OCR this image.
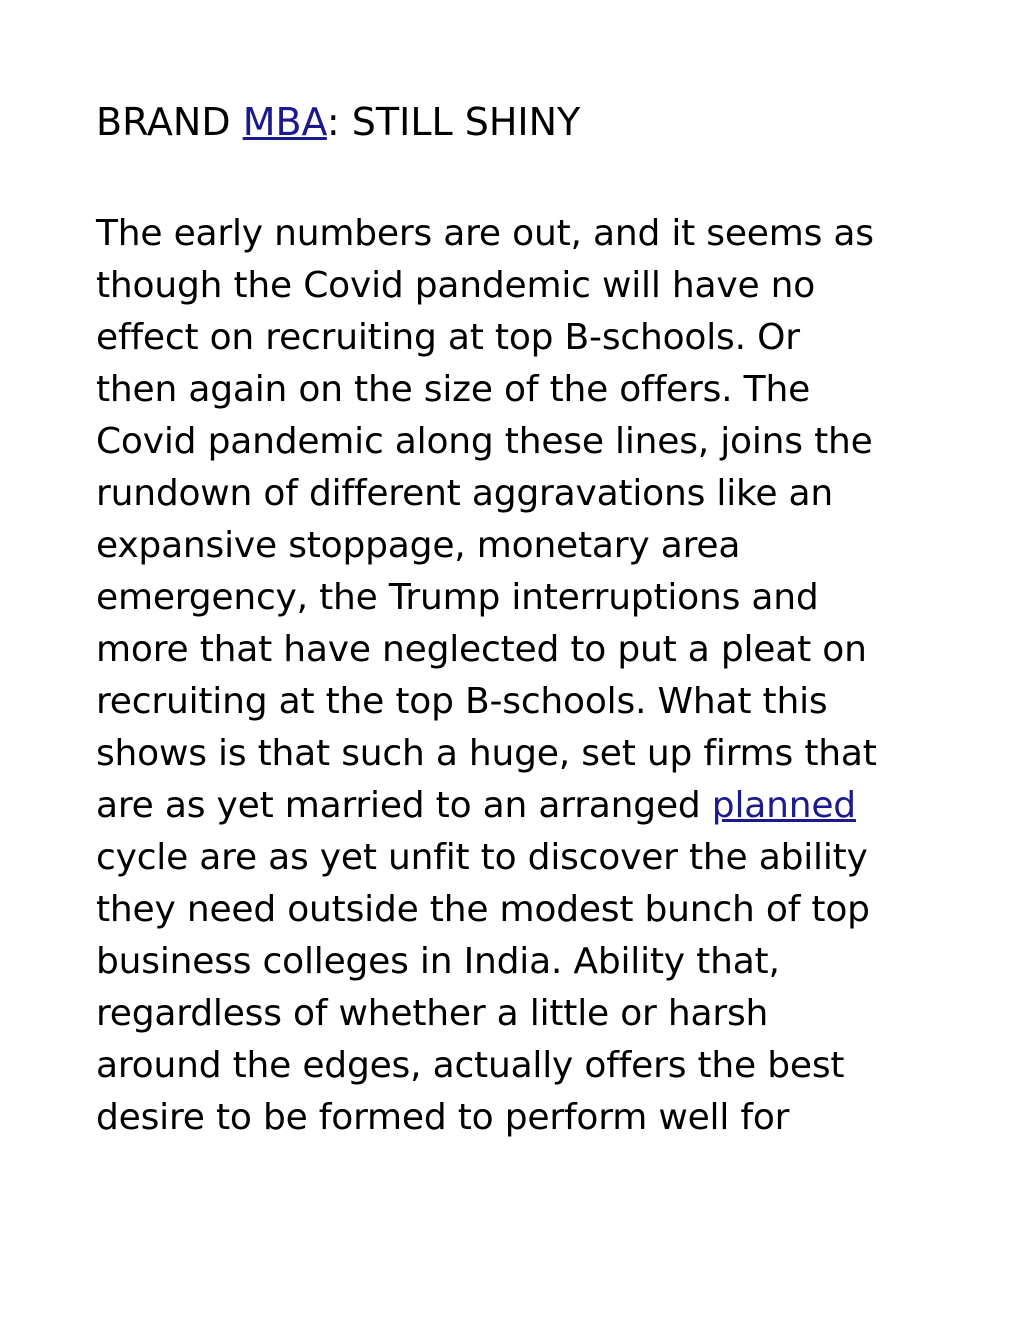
BRAND MBA: STILL SHINY
The early numbers are out, and it seems as
though the Covid pandemic will have no
effect on recruiting at top B-schools. Or
then again on the size of the offers. The
Covid pandemic along these lines, joins the
rundown of different aggravations like an
expansive stoppage, monetary area
emergency, the Trump interruptions and
more that have neglected to put a pleat on
recruiting at the top B-schools. What this
shows is that such a huge, set up firms that
are as yet married to an arranged planned
cycle are as yet unfit to discover the ability
they need outside the modest bunch of top
business colleges in India. Ability that,
regardless of whether a little or harsh
around the edges, actually offers the best
desire to be formed to perform well for
